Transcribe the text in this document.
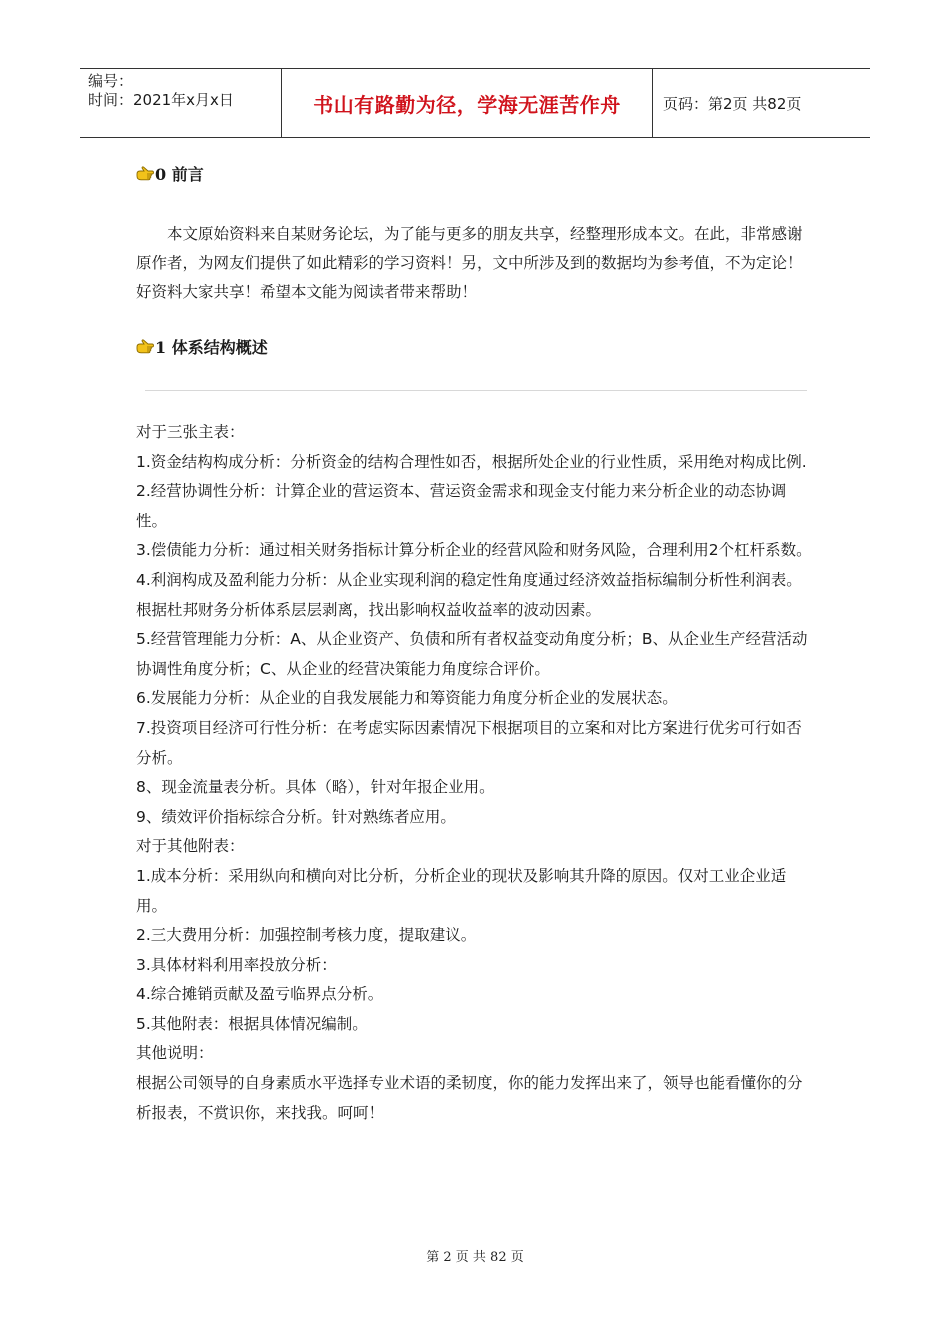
编号：
时间：2021年x月x日	书山有路勤为径，学海无涯苦作舟	页码：第2页 共82页
0 前言

本文原始资料来自某财务论坛，为了能与更多的朋友共享，经整理形成本文。在此，非常感谢原作者，为网友们提供了如此精彩的学习资料！另，文中所涉及到的数据均为参考值，不为定论！好资料大家共享！希望本文能为阅读者带来帮助！

1 体系结构概述

对于三张主表：

1.资金结构构成分析：分析资金的结构合理性如否，根据所处企业的行业性质，采用绝对构成比例.

2.经营协调性分析：计算企业的营运资本、营运资金需求和现金支付能力来分析企业的动态协调性。

3.偿债能力分析：通过相关财务指标计算分析企业的经营风险和财务风险，合理利用2个杠杆系数。

4.利润构成及盈利能力分析：从企业实现利润的稳定性角度通过经济效益指标编制分析性利润表。根据杜邦财务分析体系层层剥离，找出影响权益收益率的波动因素。

5.经营管理能力分析：A、从企业资产、负债和所有者权益变动角度分析；B、从企业生产经营活动协调性角度分析；C、从企业的经营决策能力角度综合评价。

6.发展能力分析：从企业的自我发展能力和筹资能力角度分析企业的发展状态。

7.投资项目经济可行性分析：在考虑实际因素情况下根据项目的立案和对比方案进行优劣可行如否分析。

8、现金流量表分析。具体（略），针对年报企业用。

9、绩效评价指标综合分析。针对熟练者应用。

对于其他附表：

1.成本分析：采用纵向和横向对比分析，分析企业的现状及影响其升降的原因。仅对工业企业适用。

2.三大费用分析：加强控制考核力度，提取建议。

3.具体材料利用率投放分析：

4.综合摊销贡献及盈亏临界点分析。

5.其他附表：根据具体情况编制。

其他说明：

根据公司领导的自身素质水平选择专业术语的柔韧度，你的能力发挥出来了，领导也能看懂你的分析报表，不赏识你，来找我。呵呵！

第 2 页 共 82 页
